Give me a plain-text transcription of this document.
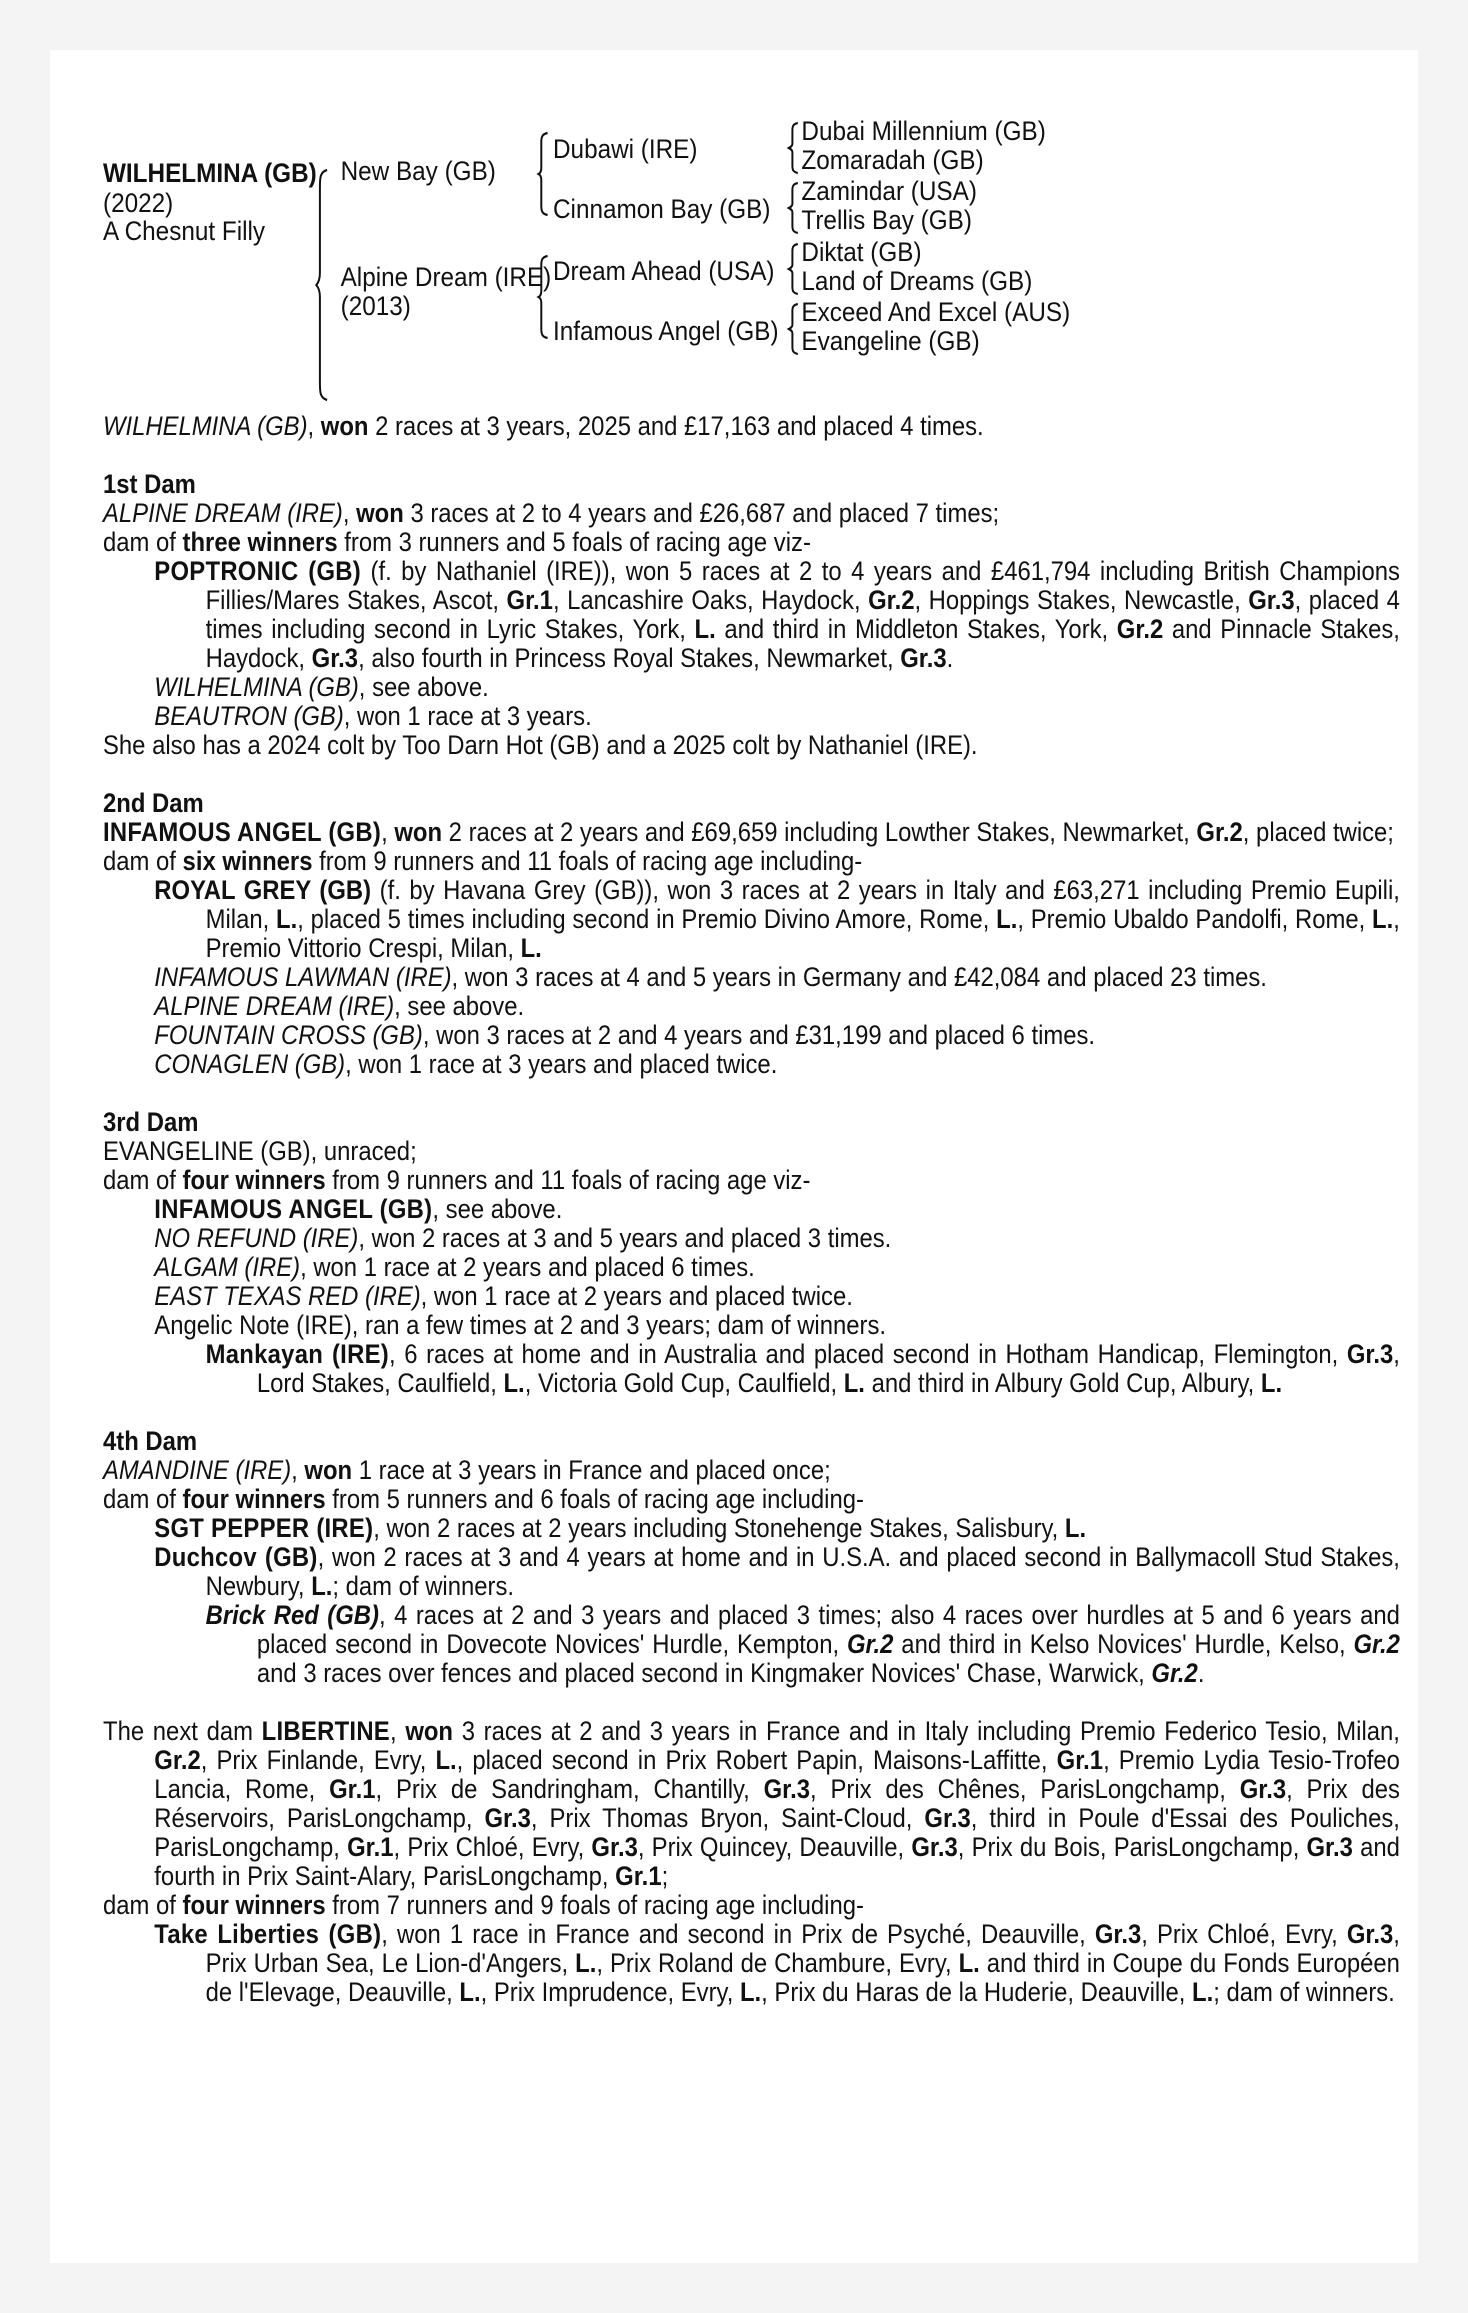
WILHELMINA (GB)
(2022)
A Chesnut Filly
New Bay (GB)
Alpine Dream (IRE)
(2013)
Dubawi (IRE)
Cinnamon Bay (GB)
Dream Ahead (USA)
Infamous Angel (GB)
Dubai Millennium (GB)
Zomaradah (GB)
Zamindar (USA)
Trellis Bay (GB)
Diktat (GB)
Land of Dreams (GB)
Exceed And Excel (AUS)
Evangeline (GB)
WILHELMINA (GB), won 2 races at 3 years, 2025 and £17,163 and placed 4 times.
1st Dam
ALPINE DREAM (IRE), won 3 races at 2 to 4 years and £26,687 and placed 7 times;
dam of three winners from 3 runners and 5 foals of racing age viz-
POPTRONIC (GB) (f. by Nathaniel (IRE)), won 5 races at 2 to 4 years and £461,794 including British Champions Fillies/Mares Stakes, Ascot, Gr.1, Lancashire Oaks, Haydock, Gr.2, Hoppings Stakes, Newcastle, Gr.3, placed 4 times including second in Lyric Stakes, York, L. and third in Middleton Stakes, York, Gr.2 and Pinnacle Stakes, Haydock, Gr.3, also fourth in Princess Royal Stakes, Newmarket, Gr.3.
WILHELMINA (GB), see above.
BEAUTRON (GB), won 1 race at 3 years.
She also has a 2024 colt by Too Darn Hot (GB) and a 2025 colt by Nathaniel (IRE).
2nd Dam
INFAMOUS ANGEL (GB), won 2 races at 2 years and £69,659 including Lowther Stakes, Newmarket, Gr.2, placed twice;
dam of six winners from 9 runners and 11 foals of racing age including-
ROYAL GREY (GB) (f. by Havana Grey (GB)), won 3 races at 2 years in Italy and £63,271 including Premio Eupili, Milan, L., placed 5 times including second in Premio Divino Amore, Rome, L., Premio Ubaldo Pandolfi, Rome, L., Premio Vittorio Crespi, Milan, L.
INFAMOUS LAWMAN (IRE), won 3 races at 4 and 5 years in Germany and £42,084 and placed 23 times.
ALPINE DREAM (IRE), see above.
FOUNTAIN CROSS (GB), won 3 races at 2 and 4 years and £31,199 and placed 6 times.
CONAGLEN (GB), won 1 race at 3 years and placed twice.
3rd Dam
EVANGELINE (GB), unraced;
dam of four winners from 9 runners and 11 foals of racing age viz-
INFAMOUS ANGEL (GB), see above.
NO REFUND (IRE), won 2 races at 3 and 5 years and placed 3 times.
ALGAM (IRE), won 1 race at 2 years and placed 6 times.
EAST TEXAS RED (IRE), won 1 race at 2 years and placed twice.
Angelic Note (IRE), ran a few times at 2 and 3 years; dam of winners.
Mankayan (IRE), 6 races at home and in Australia and placed second in Hotham Handicap, Flemington, Gr.3, Lord Stakes, Caulfield, L., Victoria Gold Cup, Caulfield, L. and third in Albury Gold Cup, Albury, L.
4th Dam
AMANDINE (IRE), won 1 race at 3 years in France and placed once;
dam of four winners from 5 runners and 6 foals of racing age including-
SGT PEPPER (IRE), won 2 races at 2 years including Stonehenge Stakes, Salisbury, L.
Duchcov (GB), won 2 races at 3 and 4 years at home and in U.S.A. and placed second in Ballymacoll Stud Stakes, Newbury, L.; dam of winners.
Brick Red (GB), 4 races at 2 and 3 years and placed 3 times; also 4 races over hurdles at 5 and 6 years and placed second in Dovecote Novices' Hurdle, Kempton, Gr.2 and third in Kelso Novices' Hurdle, Kelso, Gr.2 and 3 races over fences and placed second in Kingmaker Novices' Chase, Warwick, Gr.2.
The next dam LIBERTINE, won 3 races at 2 and 3 years in France and in Italy including Premio Federico Tesio, Milan, Gr.2, Prix Finlande, Evry, L., placed second in Prix Robert Papin, Maisons-Laffitte, Gr.1, Premio Lydia Tesio-Trofeo Lancia, Rome, Gr.1, Prix de Sandringham, Chantilly, Gr.3, Prix des Chênes, ParisLongchamp, Gr.3, Prix des Réservoirs, ParisLongchamp, Gr.3, Prix Thomas Bryon, Saint-Cloud, Gr.3, third in Poule d'Essai des Pouliches, ParisLongchamp, Gr.1, Prix Chloé, Evry, Gr.3, Prix Quincey, Deauville, Gr.3, Prix du Bois, ParisLongchamp, Gr.3 and fourth in Prix Saint-Alary, ParisLongchamp, Gr.1;
dam of four winners from 7 runners and 9 foals of racing age including-
Take Liberties (GB), won 1 race in France and second in Prix de Psyché, Deauville, Gr.3, Prix Chloé, Evry, Gr.3, Prix Urban Sea, Le Lion-d'Angers, L., Prix Roland de Chambure, Evry, L. and third in Coupe du Fonds Européen de l'Elevage, Deauville, L., Prix Imprudence, Evry, L., Prix du Haras de la Huderie, Deauville, L.; dam of winners.
